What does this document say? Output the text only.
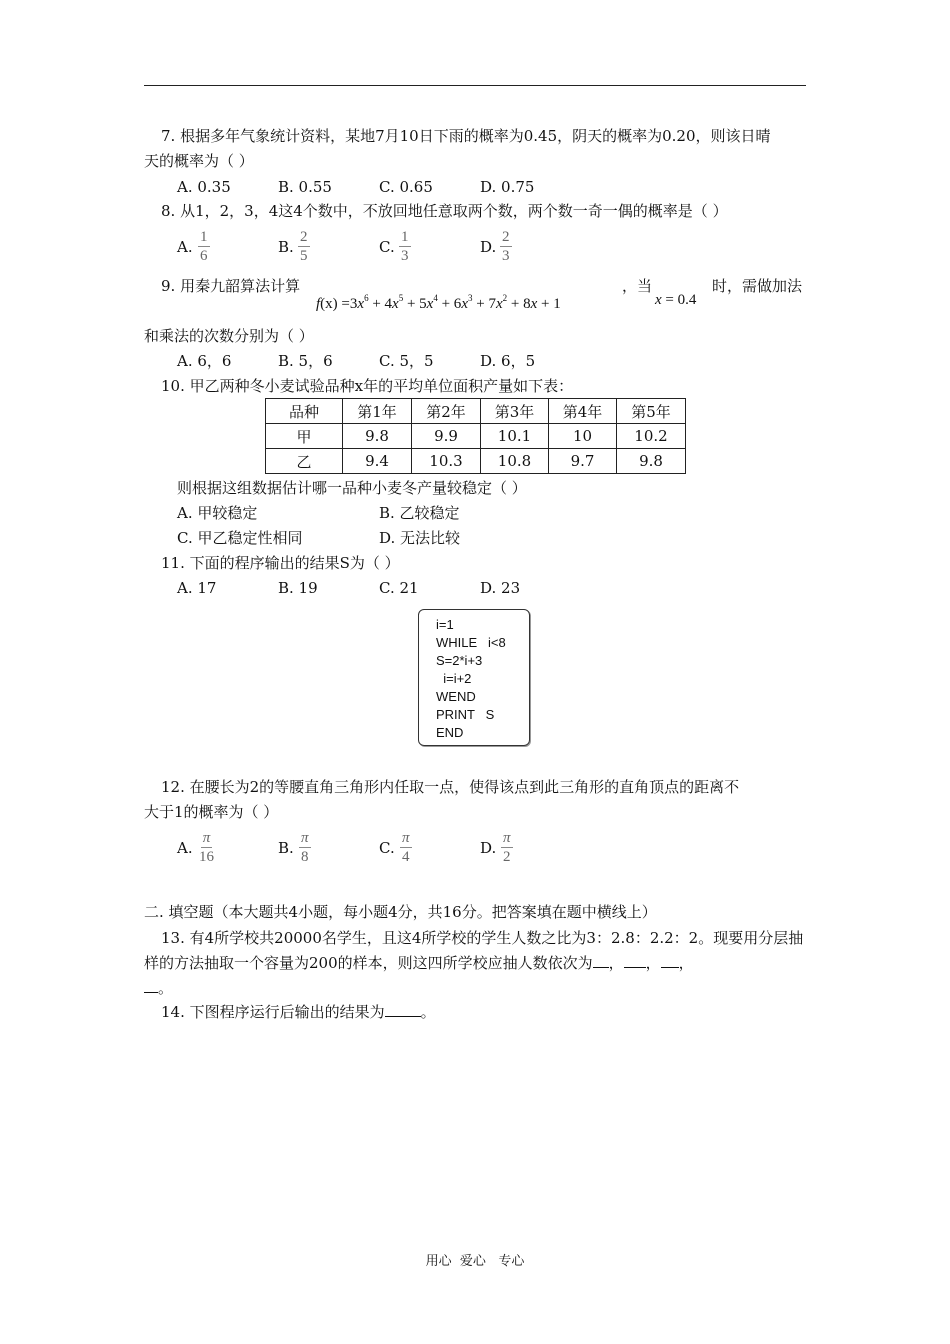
7. 根据多年气象统计资料，某地7月10日下雨的概率为0.45，阴天的概率为0.20，则该日晴
天的概率为（ ）
A. 0.35	B. 0.55	C. 0.65	D. 0.75
8. 从1，2，3，4这4个数中，不放回地任意取两个数，两个数一奇一偶的概率是（ ）
A. $\frac{1}{6}$	B. $\frac{2}{5}$	C. $\frac{1}{3}$	D. $\frac{2}{3}$
9. 用秦九韶算法计算
$f(x) =3x^6 + 4x^5 + 5x^4 + 6x^3 + 7x^2 + 8x + 1$
，当
x = 0.4
时，需做加法
和乘法的次数分别为（ ）
A. 6，6	B. 5，6	C. 5，5	D. 6，5
10. 甲乙两种冬小麦试验品种x年的平均单位面积产量如下表：
品种	第1年	第2年	第3年	第4年	第5年
甲	9.8	9.9	10.1	10	10.2
乙	9.4	10.3	10.8	9.7	9.8
则根据这组数据估计哪一品种小麦冬产量较稳定（ ）
A. 甲较稳定	B. 乙较稳定
C. 甲乙稳定性相同	D. 无法比较
11. 下面的程序输出的结果S为（ ）
A. 17	B. 19	C. 21	D. 23
i=1
WHILE   i<8
S=2*i+3
i=i+2
WEND
PRINT   S
END
12. 在腰长为2的等腰直角三角形内任取一点，使得该点到此三角形的直角顶点的距离不
大于1的概率为（ ）
A. $\frac{\pi}{16}$	B. $\frac{\pi}{8}$	C. $\frac{\pi}{4}$	D. $\frac{\pi}{2}$
二. 填空题（本大题共4小题，每小题4分，共16分。把答案填在题中横线上）
13. 有4所学校共20000名学生，且这4所学校的学生人数之比为3：2.8：2.2：2。现要用分层抽
样的方法抽取一个容量为200的样本，则这四所学校应抽人数依次为 ， ， ，
。
14. 下图程序运行后输出的结果为 。
用心  爱心   专心
